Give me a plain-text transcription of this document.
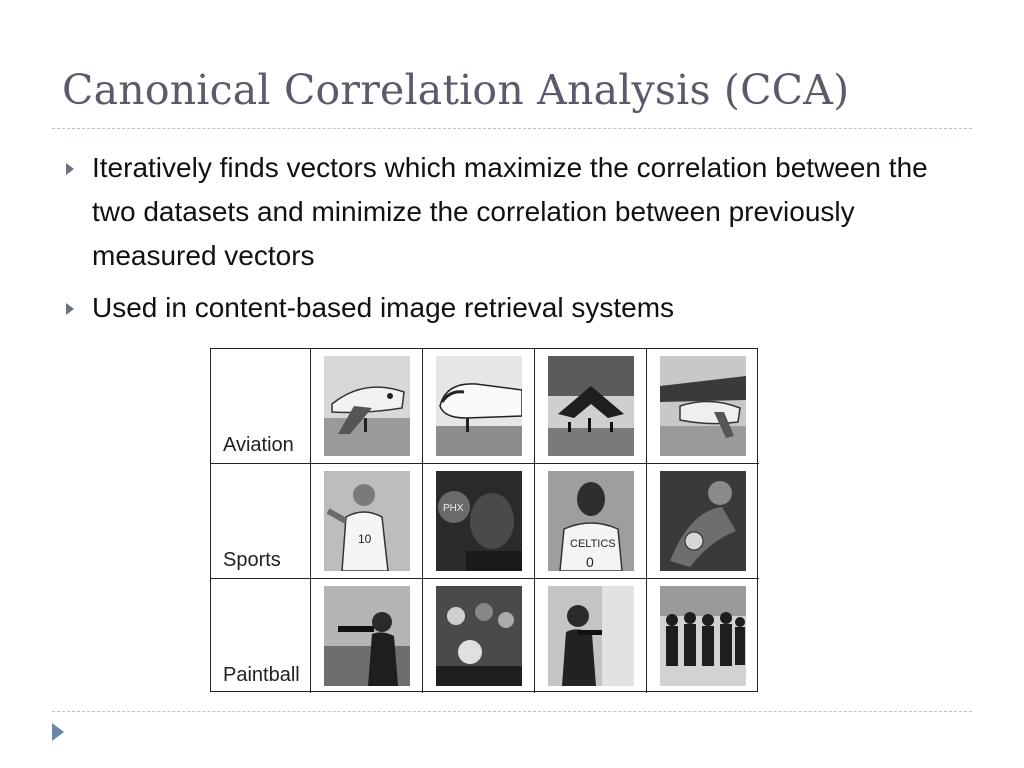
Canonical Correlation Analysis (CCA)
Iteratively finds vectors which maximize the correlation between the two datasets and minimize the correlation between previously measured vectors
Used in content-based image retrieval systems
Aviation
Sports
10
PHX
CELTICS
0
Paintball
